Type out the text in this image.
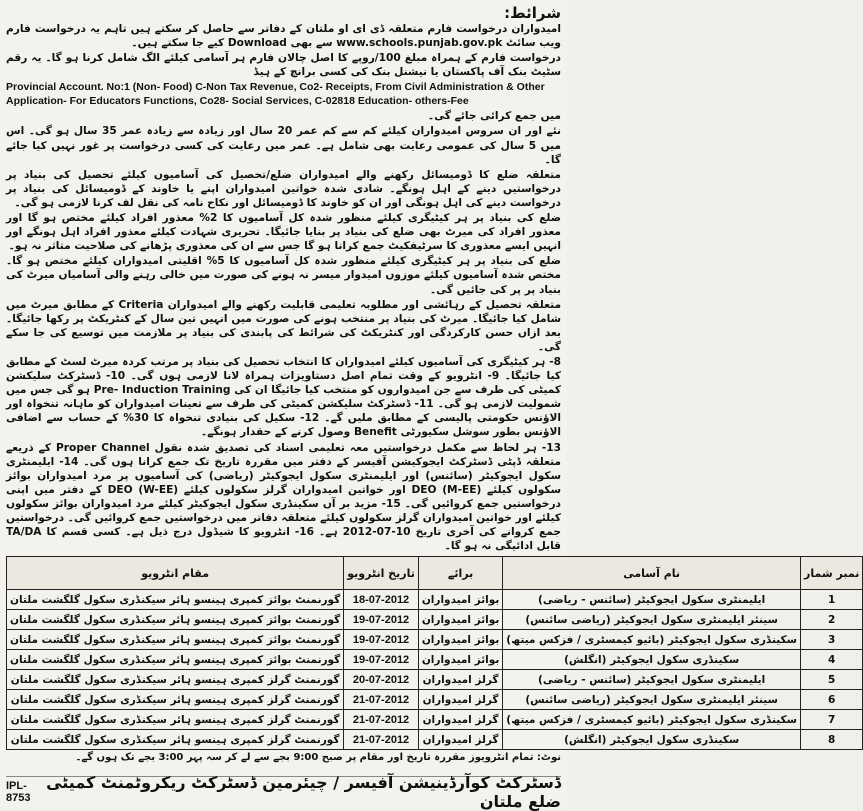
شرائط:

امیدواران درخواست فارم متعلقہ ڈی ای او ملتان کے دفاتر سے حاصل کر سکتے ہیں تاہم یہ درخواست فارم ویب سائٹ www.schools.punjab.gov.pk سے بھی Download کیے جا سکتے ہیں۔

درخواست فارم کے ہمراہ مبلغ 100/روپے کا اصل چالان فارم ہر آسامی کیلئے الگ شامل کرنا ہو گا۔ یہ رقم سٹیٹ بنک آف پاکستان یا نیشنل بنک کی کسی برانچ کے ہیڈ

Provincial Account. No:1 (Non- Food) C-Non Tax Revenue, Co2- Receipts, From Civil Administration & Other Application- For Educators Functions, Co28- Social Services, C-02818 Education- others-Fee

میں جمع کرائی جائے گی۔

نئے اور ان سروس امیدواران کیلئے کم سے کم عمر 20 سال اور زیادہ سے زیادہ عمر 35 سال ہو گی۔ اس میں 5 سال کی عمومی رعایت بھی شامل ہے۔ عمر میں رعایت کی کسی درخواست پر غور نہیں کیا جائے گا۔

متعلقہ ضلع کا ڈومیسائل رکھنے والے امیدواران ضلع/تحصیل کی آسامیوں کیلئے تحصیل کی بنیاد پر درخواستیں دینے کے اہل ہونگے۔ شادی شدہ خواتین امیدواران اپنے یا خاوند کے ڈومیسائل کی بنیاد پر درخواست دینے کی اہل ہونگی اور ان کو خاوند کا ڈومیسائل اور نکاح نامہ کی نقل لف کرنا لازمی ہو گی۔

ضلع کی بنیاد پر ہر کیٹیگری کیلئے منظور شدہ کل آسامیوں کا 2% معذور افراد کیلئے مختص ہو گا اور معذور افراد کی میرٹ بھی ضلع کی بنیاد پر بنایا جائیگا۔ تحریری شہادت کیلئے معذور افراد اہل ہونگے اور انہیں ایسے معذوری کا سرٹیفکیٹ جمع کرانا ہو گا جس سے ان کی معذوری پڑھانے کی صلاحیت متاثر نہ ہو۔

ضلع کی بنیاد پر ہر کیٹیگری کیلئے منظور شدہ کل آسامیوں کا 5% اقلیتی امیدواران کیلئے مختص ہو گا۔ مختص شدہ آسامیوں کیلئے موزوں امیدوار میسر نہ ہونے کی صورت میں خالی رہنے والی آسامیاں میرٹ کی بنیاد پر پر کی جائیں گی۔

متعلقہ تحصیل کے رہائشی اور مطلوبہ تعلیمی قابلیت رکھنے والے امیدواران Criteria کے مطابق میرٹ میں شامل کیا جائیگا۔ میرٹ کی بنیاد پر منتخب ہونے کی صورت میں انہیں تین سال کے کنٹریکٹ پر رکھا جائیگا۔ بعد ازاں حسن کارکردگی اور کنٹریکٹ کی شرائط کی پابندی کی بنیاد پر ملازمت میں توسیع کی جا سکے گی۔

8- ہر کیٹیگری کی آسامیوں کیلئے امیدواران کا انتخاب تحصیل کی بنیاد پر مرتب کردہ میرٹ لسٹ کے مطابق کیا جائیگا۔ 9- انٹرویو کے وقت تمام اصل دستاویزات ہمراہ لانا لازمی ہوں گی۔ 10- ڈسٹرکٹ سلیکشن کمیٹی کی طرف سے جن امیدواروں کو منتخب کیا جائیگا ان کی Pre- Induction Training ہو گی جس میں شمولیت لازمی ہو گی۔ 11- ڈسٹرکٹ سلیکشن کمیٹی کی طرف سے تعینات امیدواران کو ماہانہ تنخواہ اور الاؤنس حکومتی پالیسی کے مطابق ملیں گے۔ 12- سکیل کی بنیادی تنخواہ کا 30% کے حساب سے اضافی الاؤنس بطور سوشل سکیورٹی Benefit وصول کرنے کے حقدار ہونگے۔

13- ہر لحاظ سے مکمل درخواستیں معہ تعلیمی اسناد کی تصدیق شدہ نقول Proper Channel کے ذریعے متعلقہ ڈپٹی ڈسٹرکٹ ایجوکیشن آفیسر کے دفتر میں مقررہ تاریخ تک جمع کرانا ہوں گی۔ 14- ایلیمنٹری سکول ایجوکیٹر (سائنس) اور ایلیمنٹری سکول ایجوکیٹر (ریاضی) کی آسامیوں پر مرد امیدواران بوائز سکولوں کیلئے DEO (M-EE) اور خواتین امیدواران گرلز سکولوں کیلئے DEO (W-EE) کے دفتر میں اپنی درخواستیں جمع کروائیں گی۔ 15- مزید بر آں سکینڈری سکول ایجوکیٹر کیلئے مرد امیدواران بوائز سکولوں کیلئے اور خواتین امیدواران گرلز سکولوں کیلئے متعلقہ دفاتر میں درخواستیں جمع کروائیں گی۔ درخواستیں جمع کروانے کی آخری تاریخ 10-07-2012 ہے۔ 16- انٹرویو کا شیڈول درج ذیل ہے۔ کسی قسم کا TA/DA قابل ادائیگی نہ ہو گا۔

نمبر شمار	نام آسامی	برائے	تاریخ انٹرویو	مقام انٹرویو
1	ایلیمنٹری سکول ایجوکیٹر (سائنس - ریاضی)	بوائز امیدواران	18-07-2012	گورنمنٹ بوائز کمپری ہینسو ہائر سیکنڈری سکول گلگشت ملتان
2	سینئر ایلیمنٹری سکول ایجوکیٹر (ریاضی سائنس)	بوائز امیدواران	19-07-2012	گورنمنٹ بوائز کمپری ہینسو ہائر سیکنڈری سکول گلگشت ملتان
3	سکینڈری سکول ایجوکیٹر (بائیو کیمسٹری / فزکس میتھ)	بوائز امیدواران	19-07-2012	گورنمنٹ بوائز کمپری ہینسو ہائر سیکنڈری سکول گلگشت ملتان
4	سکینڈری سکول ایجوکیٹر (انگلش)	بوائز امیدواران	19-07-2012	گورنمنٹ بوائز کمپری ہینسو ہائر سیکنڈری سکول گلگشت ملتان
5	ایلیمنٹری سکول ایجوکیٹر (سائنس - ریاضی)	گرلز امیدواران	20-07-2012	گورنمنٹ گرلز کمپری ہینسو ہائر سیکنڈری سکول گلگشت ملتان
6	سینئر ایلیمنٹری سکول ایجوکیٹر (ریاضی سائنس)	گرلز امیدواران	21-07-2012	گورنمنٹ گرلز کمپری ہینسو ہائر سیکنڈری سکول گلگشت ملتان
7	سکینڈری سکول ایجوکیٹر (بائیو کیمسٹری / فزکس میتھ)	گرلز امیدواران	21-07-2012	گورنمنٹ گرلز کمپری ہینسو ہائر سیکنڈری سکول گلگشت ملتان
8	سکینڈری سکول ایجوکیٹر (انگلش)	گرلز امیدواران	21-07-2012	گورنمنٹ گرلز کمپری ہینسو ہائر سیکنڈری سکول گلگشت ملتان
نوٹ: تمام انٹرویوز مقررہ تاریخ اور مقام پر صبح 9:00 بجے سے لے کر سہ پہر 3:00 بجے تک ہوں گے۔
IPL-8753
ڈسٹرکٹ کوآرڈینیشن آفیسر / چیئرمین ڈسٹرکٹ ریکروٹمنٹ کمیٹی ضلع ملتان
